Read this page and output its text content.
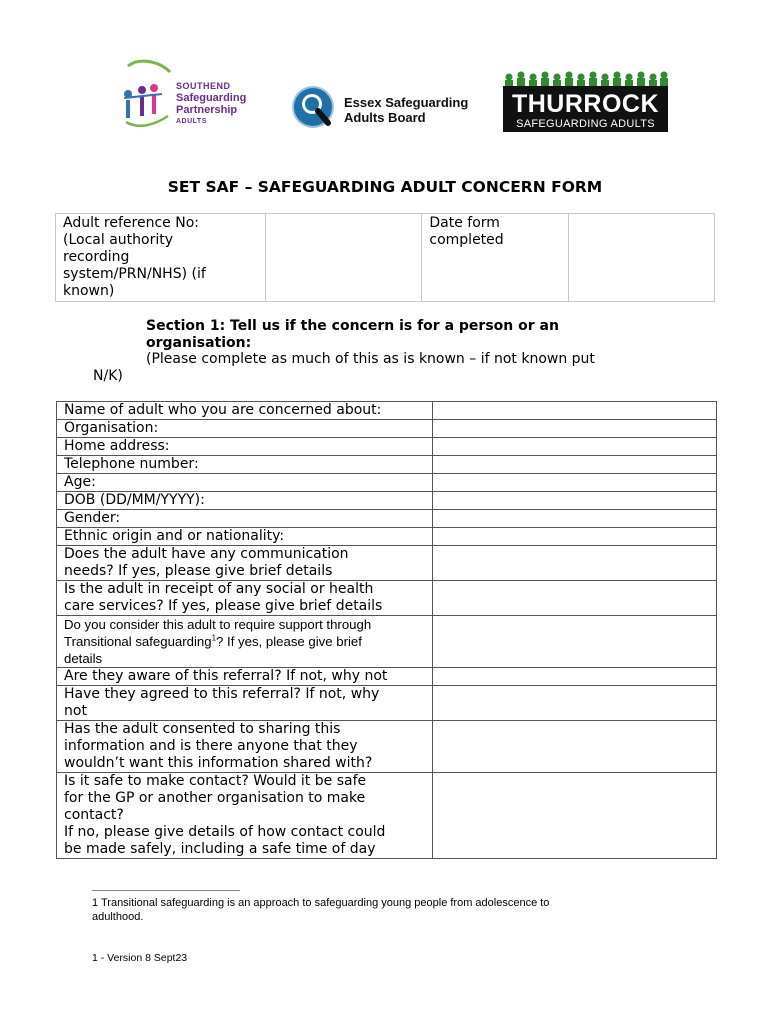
SOUTHEND
Safeguarding
Partnership
ADULTS
Essex Safeguarding
Adults Board	THURROCK
SAFEGUARDING ADULTS
SET SAF – SAFEGUARDING ADULT CONCERN FORM
Adult reference No:
(Local authority
recording
system/PRN/NHS) (if
known)

Date form
completed

Section 1: Tell us if the concern is for a person or an
organisation:
(Please complete as much of this as is known – if not known put
N/K)
Name of adult who you are concerned about:	
Organisation:	
Home address:	
Telephone number:	
Age:	
DOB (DD/MM/YYYY):	
Gender:	
Ethnic origin and or nationality:	

Does the adult have any communication
needs? If yes, please give brief details	

Is the adult in receipt of any social or health
care services? If yes, please give brief details	

Do you consider this adult to require support through
Transitional safeguarding$^1$? If yes, please give brief
details	

Are they aware of this referral? If not, why not	

Have they agreed to this referral? If not, why
not	

Has the adult consented to sharing this
information and is there anyone that they
wouldn’t want this information shared with?	

Is it safe to make contact? Would it be safe
for the GP or another organisation to make
contact?
If no, please give details of how contact could
be made safely, including a safe time of day	

1 Transitional safeguarding is an approach to safeguarding young people from adolescence to
adulthood.
1 - Version 8 Sept23
